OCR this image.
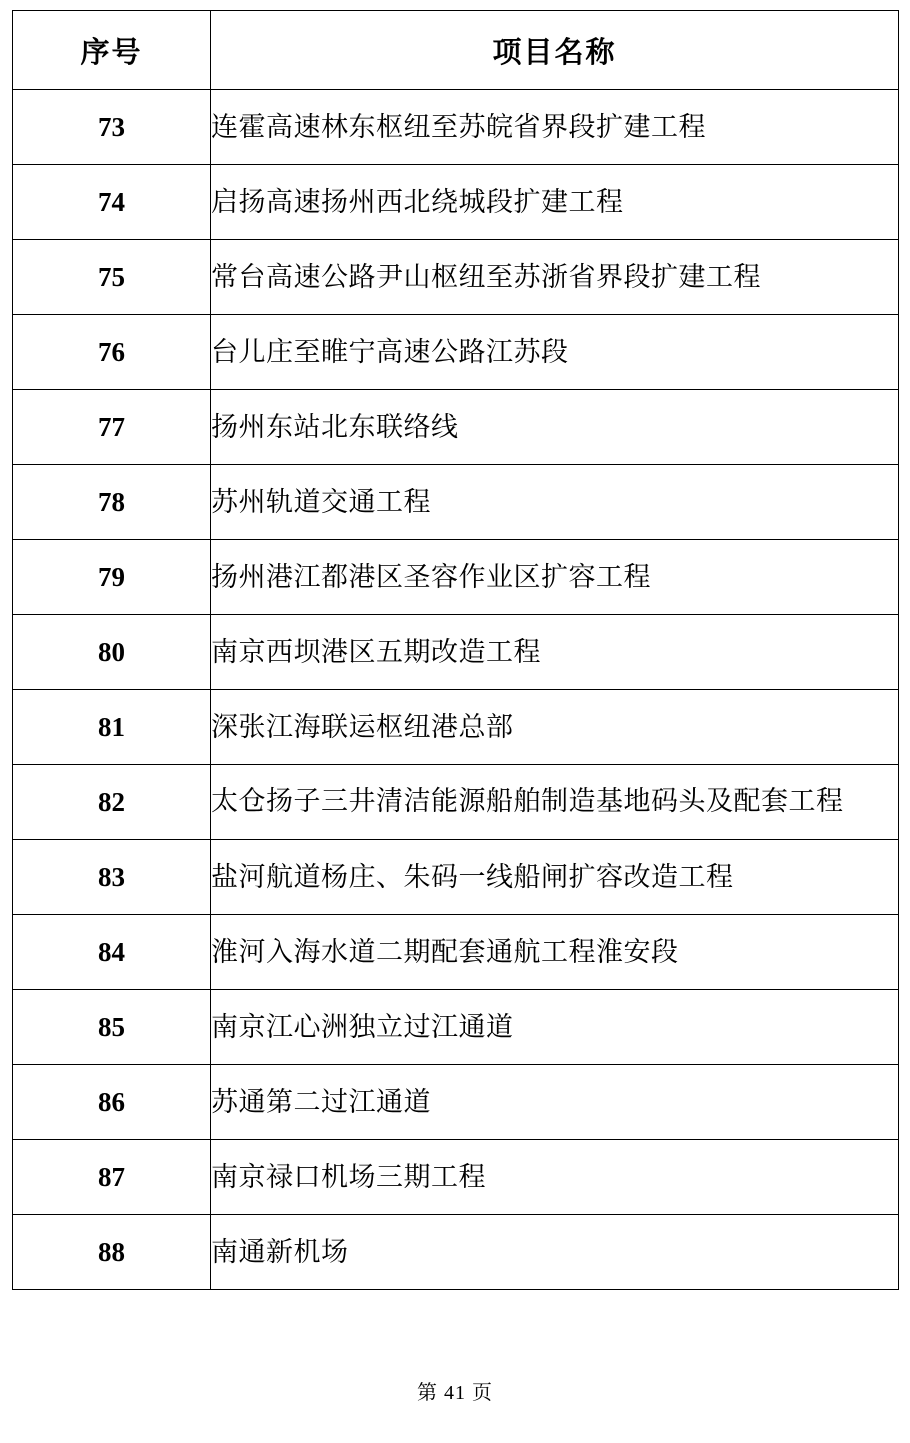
序号	项目名称
73	连霍高速林东枢纽至苏皖省界段扩建工程
74	启扬高速扬州西北绕城段扩建工程
75	常台高速公路尹山枢纽至苏浙省界段扩建工程
76	台儿庄至睢宁高速公路江苏段
77	扬州东站北东联络线
78	苏州轨道交通工程
79	扬州港江都港区圣容作业区扩容工程
80	南京西坝港区五期改造工程
81	深张江海联运枢纽港总部
82	太仓扬子三井清洁能源船舶制造基地码头及配套工程
83	盐河航道杨庄、朱码一线船闸扩容改造工程
84	淮河入海水道二期配套通航工程淮安段
85	南京江心洲独立过江通道
86	苏通第二过江通道
87	南京禄口机场三期工程
88	南通新机场
第 41 页
